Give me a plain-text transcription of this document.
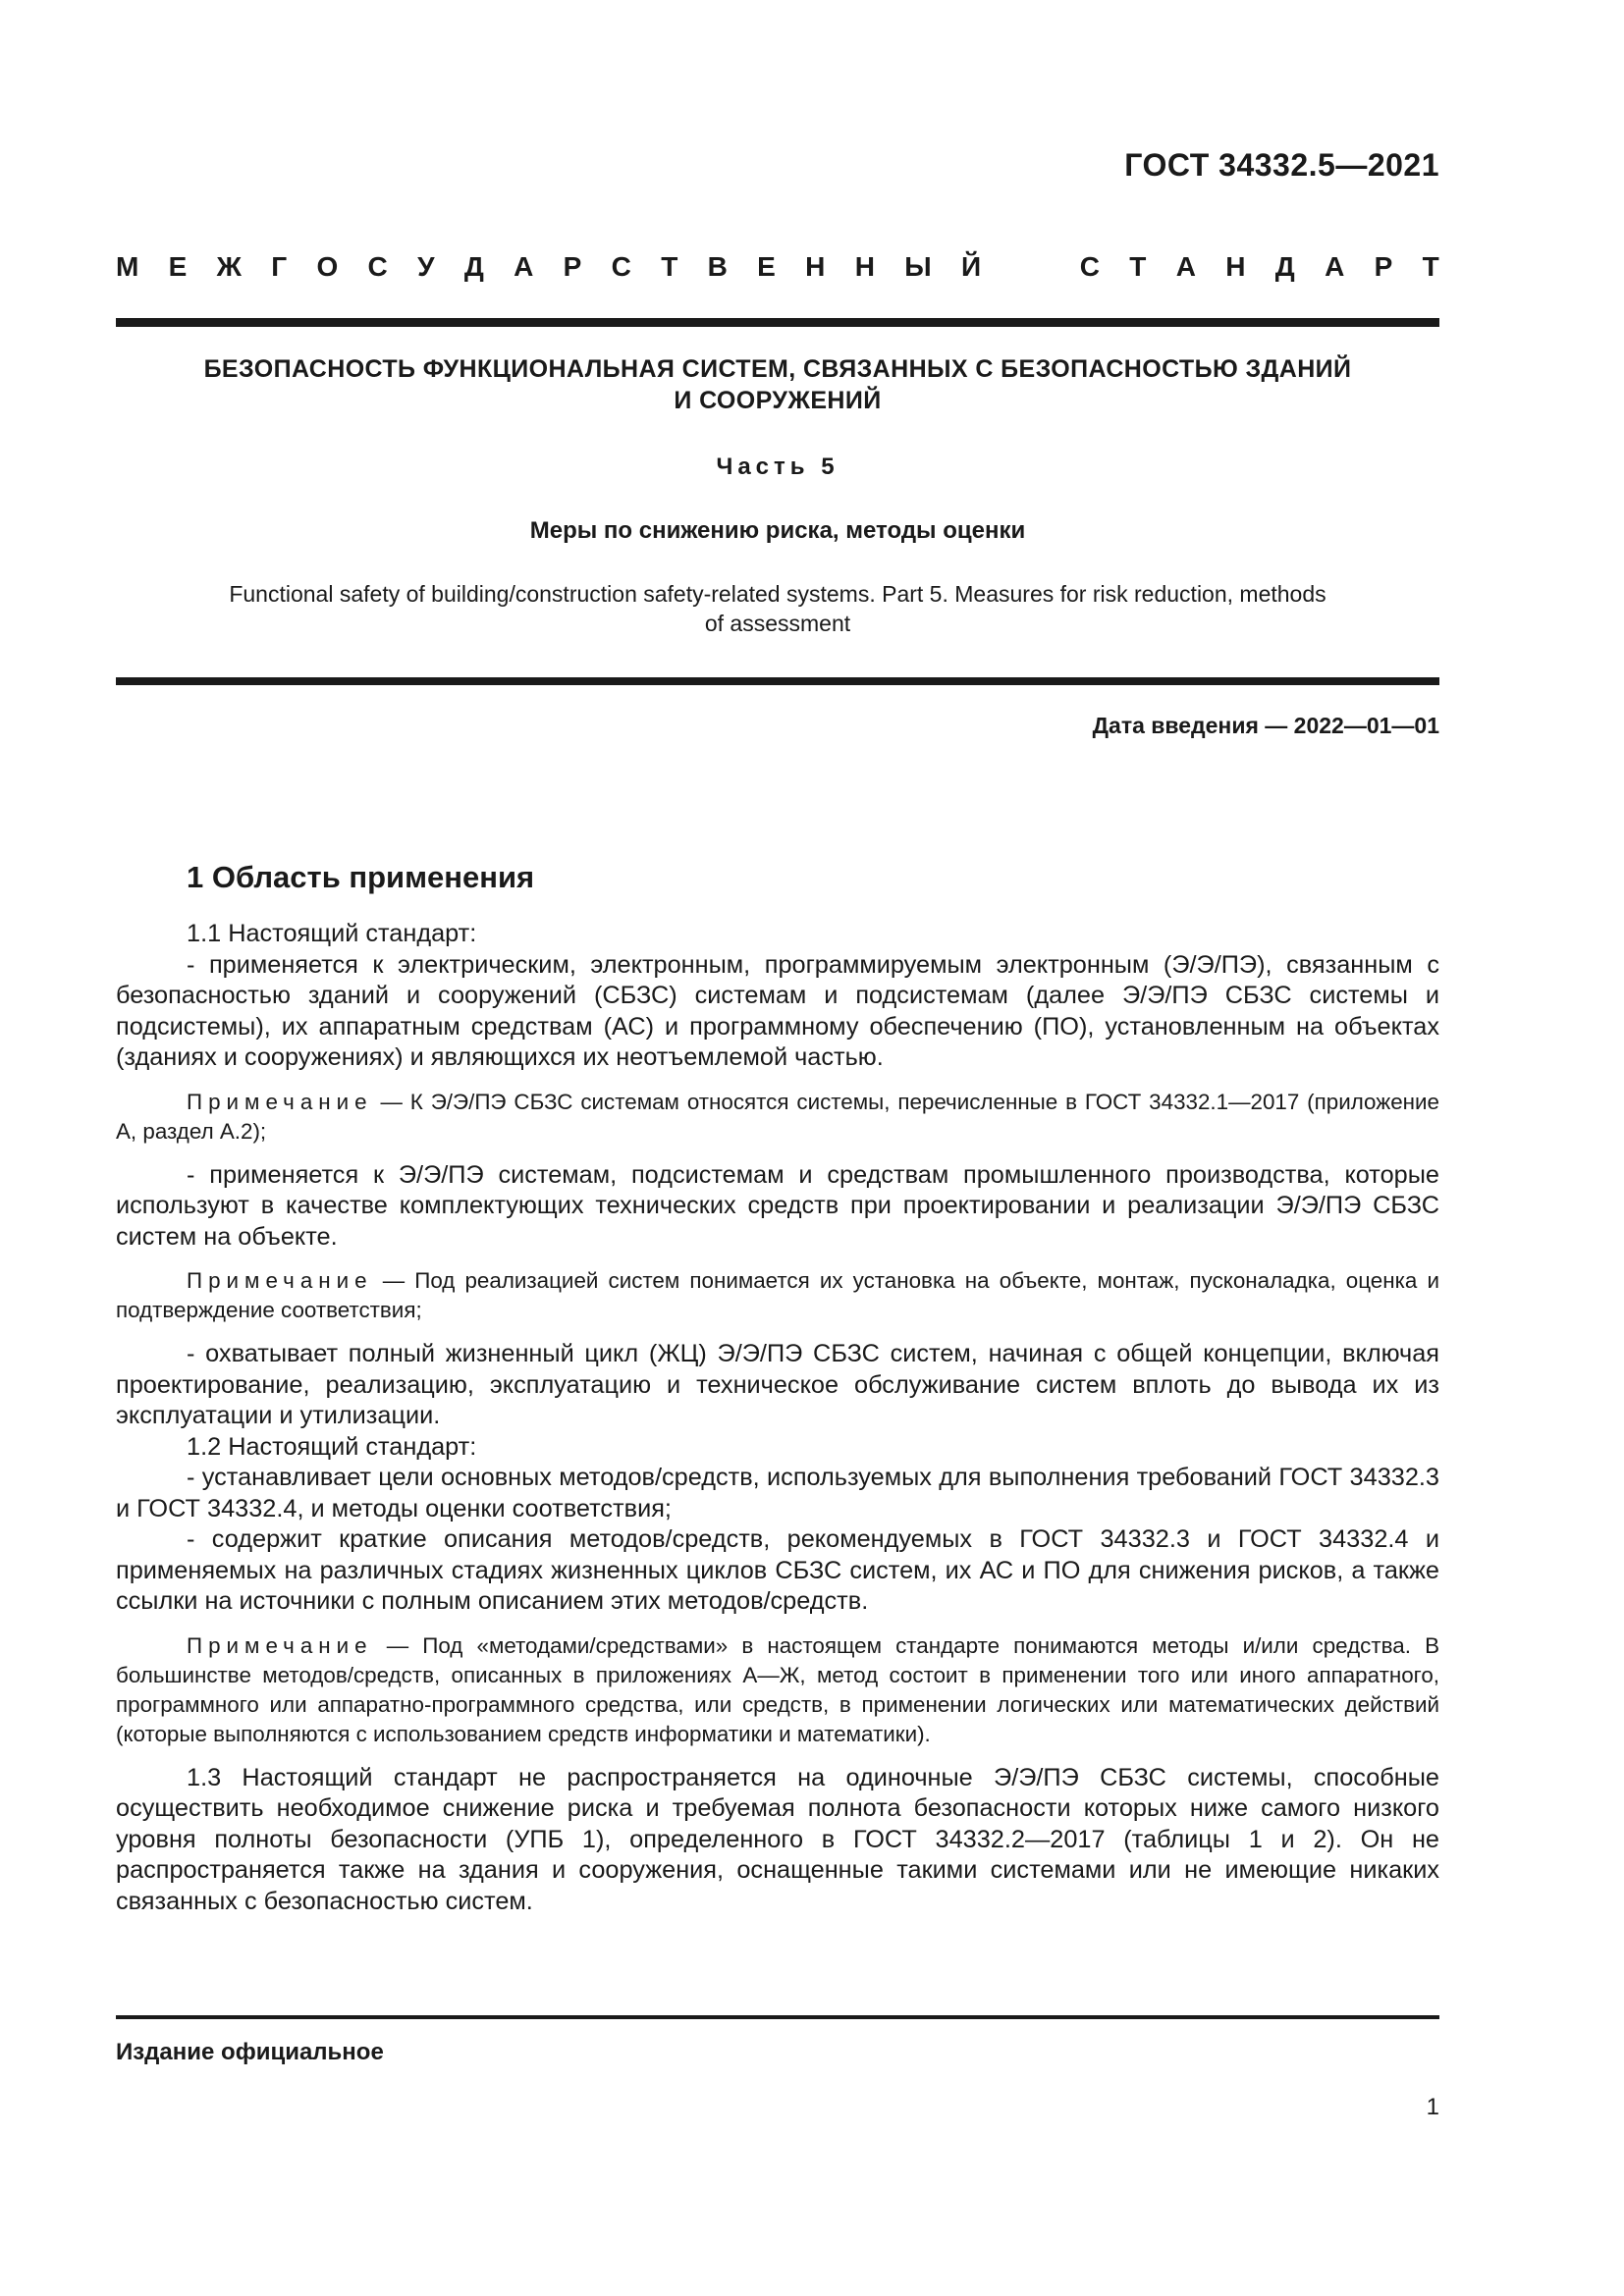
ГОСТ 34332.5—2021
М Е Ж Г О С У Д А Р С Т В Е Н Н Ы Й	С Т А Н Д А Р Т
БЕЗОПАСНОСТЬ ФУНКЦИОНАЛЬНАЯ СИСТЕМ, СВЯЗАННЫХ С БЕЗОПАСНОСТЬЮ ЗДАНИЙ
И СООРУЖЕНИЙ
Часть 5
Меры по снижению риска, методы оценки
Functional safety of building/construction safety-related systems. Part 5. Measures for risk reduction, methods
of assessment
Дата введения — 2022—01—01
1 Область применения

1.1 Настоящий стандарт:

- применяется к электрическим, электронным, программируемым электронным (Э/Э/ПЭ), связанным с безопасностью зданий и сооружений (СБЗС) системам и подсистемам (далее Э/Э/ПЭ СБЗС системы и подсистемы), их аппаратным средствам (АС) и программному обеспечению (ПО), установленным на объектах (зданиях и сооружениях) и являющихся их неотъемлемой частью.

Примечание — К Э/Э/ПЭ СБЗС системам относятся системы, перечисленные в ГОСТ 34332.1—2017 (приложение А, раздел А.2);

- применяется к Э/Э/ПЭ системам, подсистемам и средствам промышленного производства, которые используют в качестве комплектующих технических средств при проектировании и реализации Э/Э/ПЭ СБЗС систем на объекте.

Примечание — Под реализацией систем понимается их установка на объекте, монтаж, пусконаладка, оценка и подтверждение соответствия;

- охватывает полный жизненный цикл (ЖЦ) Э/Э/ПЭ СБЗС систем, начиная с общей концепции, включая проектирование, реализацию, эксплуатацию и техническое обслуживание систем вплоть до вывода их из эксплуатации и утилизации.

1.2 Настоящий стандарт:

- устанавливает цели основных методов/средств, используемых для выполнения требований ГОСТ 34332.3 и ГОСТ 34332.4, и методы оценки соответствия;

- содержит краткие описания методов/средств, рекомендуемых в ГОСТ 34332.3 и ГОСТ 34332.4 и применяемых на различных стадиях жизненных циклов СБЗС систем, их АС и ПО для снижения рисков, а также ссылки на источники с полным описанием этих методов/средств.

Примечание — Под «методами/средствами» в настоящем стандарте понимаются методы и/или средства. В большинстве методов/средств, описанных в приложениях А—Ж, метод состоит в применении того или иного аппаратного, программного или аппаратно-программного средства, или средств, в применении логических или математических действий (которые выполняются с использованием средств информатики и математики).

1.3 Настоящий стандарт не распространяется на одиночные Э/Э/ПЭ СБЗС системы, способные осуществить необходимое снижение риска и требуемая полнота безопасности которых ниже самого низкого уровня полноты безопасности (УПБ 1), определенного в ГОСТ 34332.2—2017 (таблицы 1 и 2). Он не распространяется также на здания и сооружения, оснащенные такими системами или не имеющие никаких связанных с безопасностью систем.

Издание официальное
1
